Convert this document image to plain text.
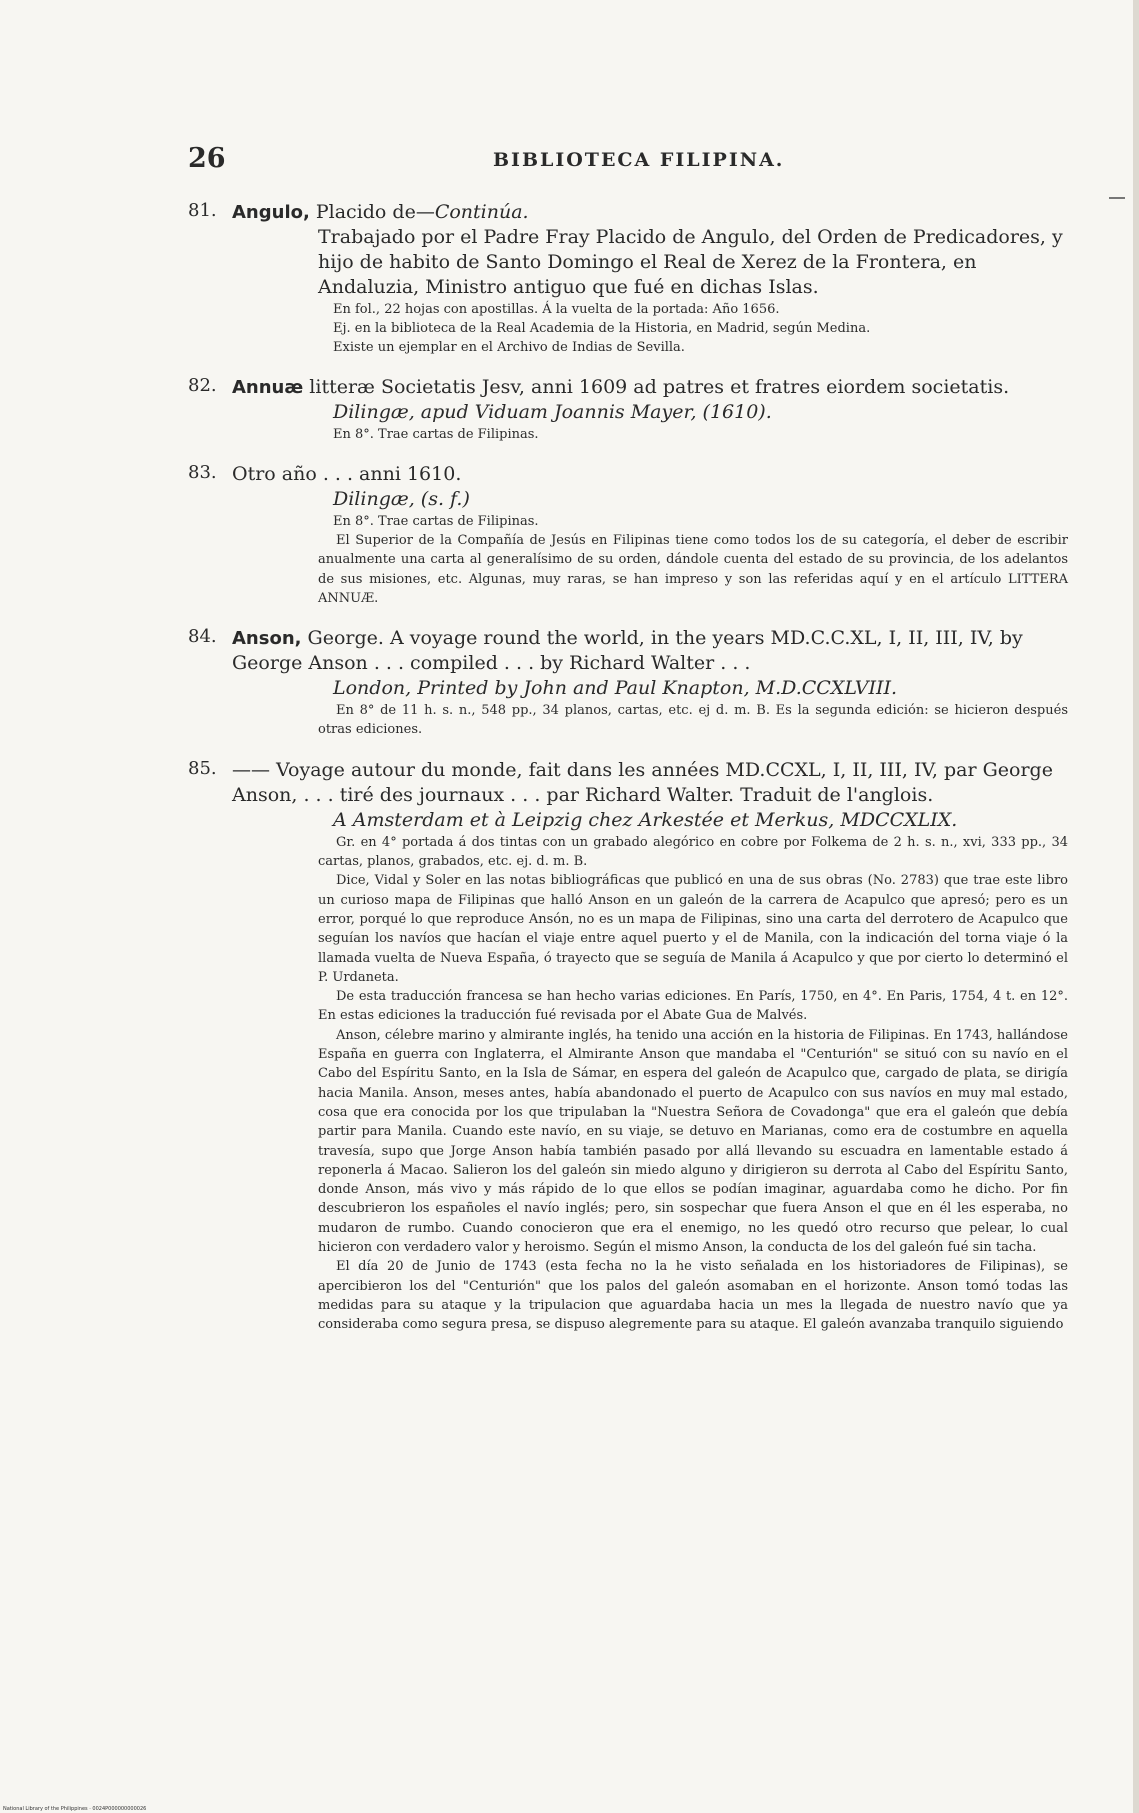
26	BIBLIOTECA FILIPINA.
81. Angulo, Placido de—Continúa.
Trabajado por el Padre Fray Placido de Angulo, del Orden de Predicadores, y hijo de habito de Santo Domingo el Real de Xerez de la Frontera, en Andaluzia, Ministro antiguo que fué en dichas Islas.
En fol., 22 hojas con apostillas. Á la vuelta de la portada: Año 1656.
Ej. en la biblioteca de la Real Academia de la Historia, en Madrid, según Medina.
Existe un ejemplar en el Archivo de Indias de Sevilla.
82. Annuæ litteræ Societatis Jesv, anni 1609 ad patres et fratres eiordem societatis.
Dilingæ, apud Viduam Joannis Mayer, (1610).
En 8°. Trae cartas de Filipinas.
83. Otro año . . . anni 1610.
Dilingæ, (s. f.)
En 8°. Trae cartas de Filipinas.
El Superior de la Compañía de Jesús en Filipinas tiene como todos los de su categoría, el deber de escribir anualmente una carta al generalísimo de su orden, dándole cuenta del estado de su provincia, de los adelantos de sus misiones, etc. Algunas, muy raras, se han impreso y son las referidas aquí y en el artículo LITTERA ANNUÆ.
84. Anson, George. A voyage round the world, in the years MD.C.C.XL, I, II, III, IV, by George Anson . . . compiled . . . by Richard Walter . . .
London, Printed by John and Paul Knapton, M.D.CCXLVIII.
En 8° de 11 h. s. n., 548 pp., 34 planos, cartas, etc. ej d. m. B. Es la segunda edición: se hicieron después otras ediciones.
85. —— Voyage autour du monde, fait dans les années MD.CCXL, I, II, III, IV, par George Anson, . . . tiré des journaux . . . par Richard Walter. Traduit de l'anglois.
A Amsterdam et à Leipzig chez Arkestée et Merkus, MDCCXLIX.
Gr. en 4° portada á dos tintas con un grabado alegórico en cobre por Folkema de 2 h. s. n., xvi, 333 pp., 34 cartas, planos, grabados, etc. ej. d. m. B.
Dice, Vidal y Soler en las notas bibliográficas que publicó en una de sus obras (No. 2783) que trae este libro un curioso mapa de Filipinas que halló Anson en un galeón de la carrera de Acapulco que apresó; pero es un error, porqué lo que reproduce Ansón, no es un mapa de Filipinas, sino una carta del derrotero de Acapulco que seguían los navíos que hacían el viaje entre aquel puerto y el de Manila, con la indicación del torna viaje ó la llamada vuelta de Nueva España, ó trayecto que se seguía de Manila á Acapulco y que por cierto lo determinó el P. Urdaneta.
De esta traducción francesa se han hecho varias ediciones. En París, 1750, en 4°. En Paris, 1754, 4 t. en 12°. En estas ediciones la traducción fué revisada por el Abate Gua de Malvés.
Anson, célebre marino y almirante inglés, ha tenido una acción en la historia de Filipinas. En 1743, hallándose España en guerra con Inglaterra, el Almirante Anson que mandaba el "Centurión" se situó con su navío en el Cabo del Espíritu Santo, en la Isla de Sámar, en espera del galeón de Acapulco que, cargado de plata, se dirigía hacia Manila. Anson, meses antes, había abandonado el puerto de Acapulco con sus navíos en muy mal estado, cosa que era conocida por los que tripulaban la "Nuestra Señora de Covadonga" que era el galeón que debía partir para Manila. Cuando este navío, en su viaje, se detuvo en Marianas, como era de costumbre en aquella travesía, supo que Jorge Anson había también pasado por allá llevando su escuadra en lamentable estado á reponerla á Macao. Salieron los del galeón sin miedo alguno y dirigieron su derrota al Cabo del Espíritu Santo, donde Anson, más vivo y más rápido de lo que ellos se podían imaginar, aguardaba como he dicho. Por fin descubrieron los españoles el navío inglés; pero, sin sospechar que fuera Anson el que en él les esperaba, no mudaron de rumbo. Cuando conocieron que era el enemigo, no les quedó otro recurso que pelear, lo cual hicieron con verdadero valor y heroismo. Según el mismo Anson, la conducta de los del galeón fué sin tacha.
El día 20 de Junio de 1743 (esta fecha no la he visto señalada en los historiadores de Filipinas), se apercibieron los del "Centurión" que los palos del galeón asomaban en el horizonte. Anson tomó todas las medidas para su ataque y la tripulacion que aguardaba hacia un mes la llegada de nuestro navío que ya consideraba como segura presa, se dispuso alegremente para su ataque. El galeón avanzaba tranquilo siguiendo
National Library of the Philippines · 0024P000000000026
